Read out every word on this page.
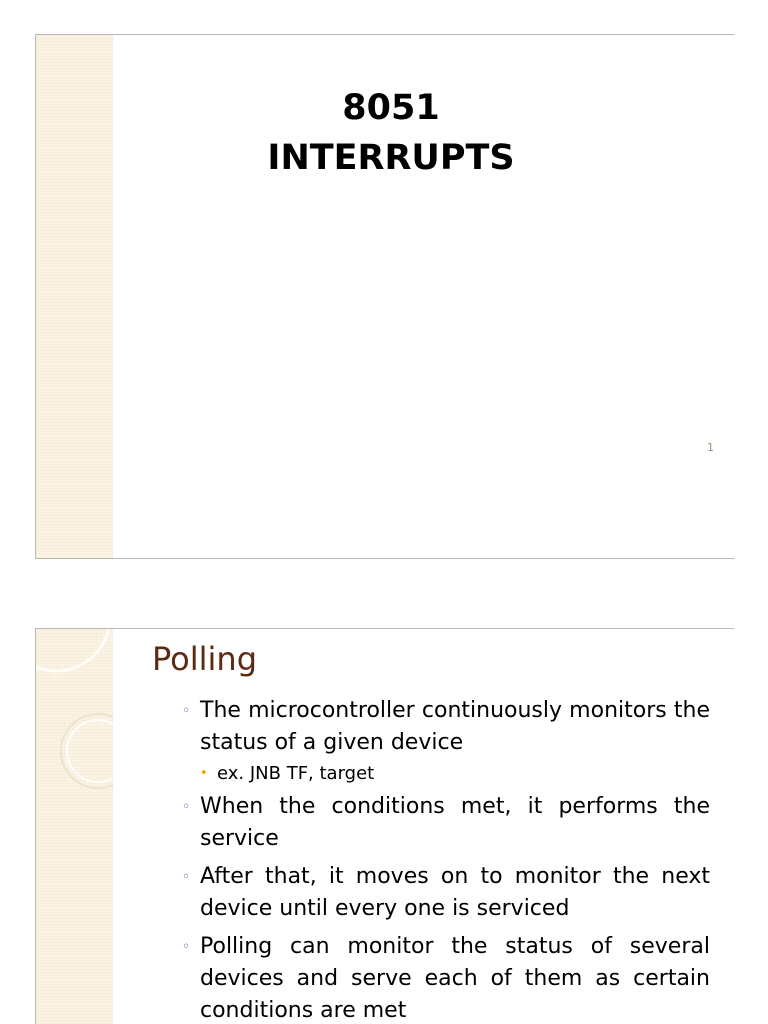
8051
INTERRUPTS
1
Polling
◦ The microcontroller continuously monitors the status of a given device
• ex. JNB TF, target
◦ When the conditions met, it performs the service
◦ After that, it moves on to monitor the next device until every one is serviced
◦ Polling can monitor the status of several devices and serve each of them as certain conditions are met
